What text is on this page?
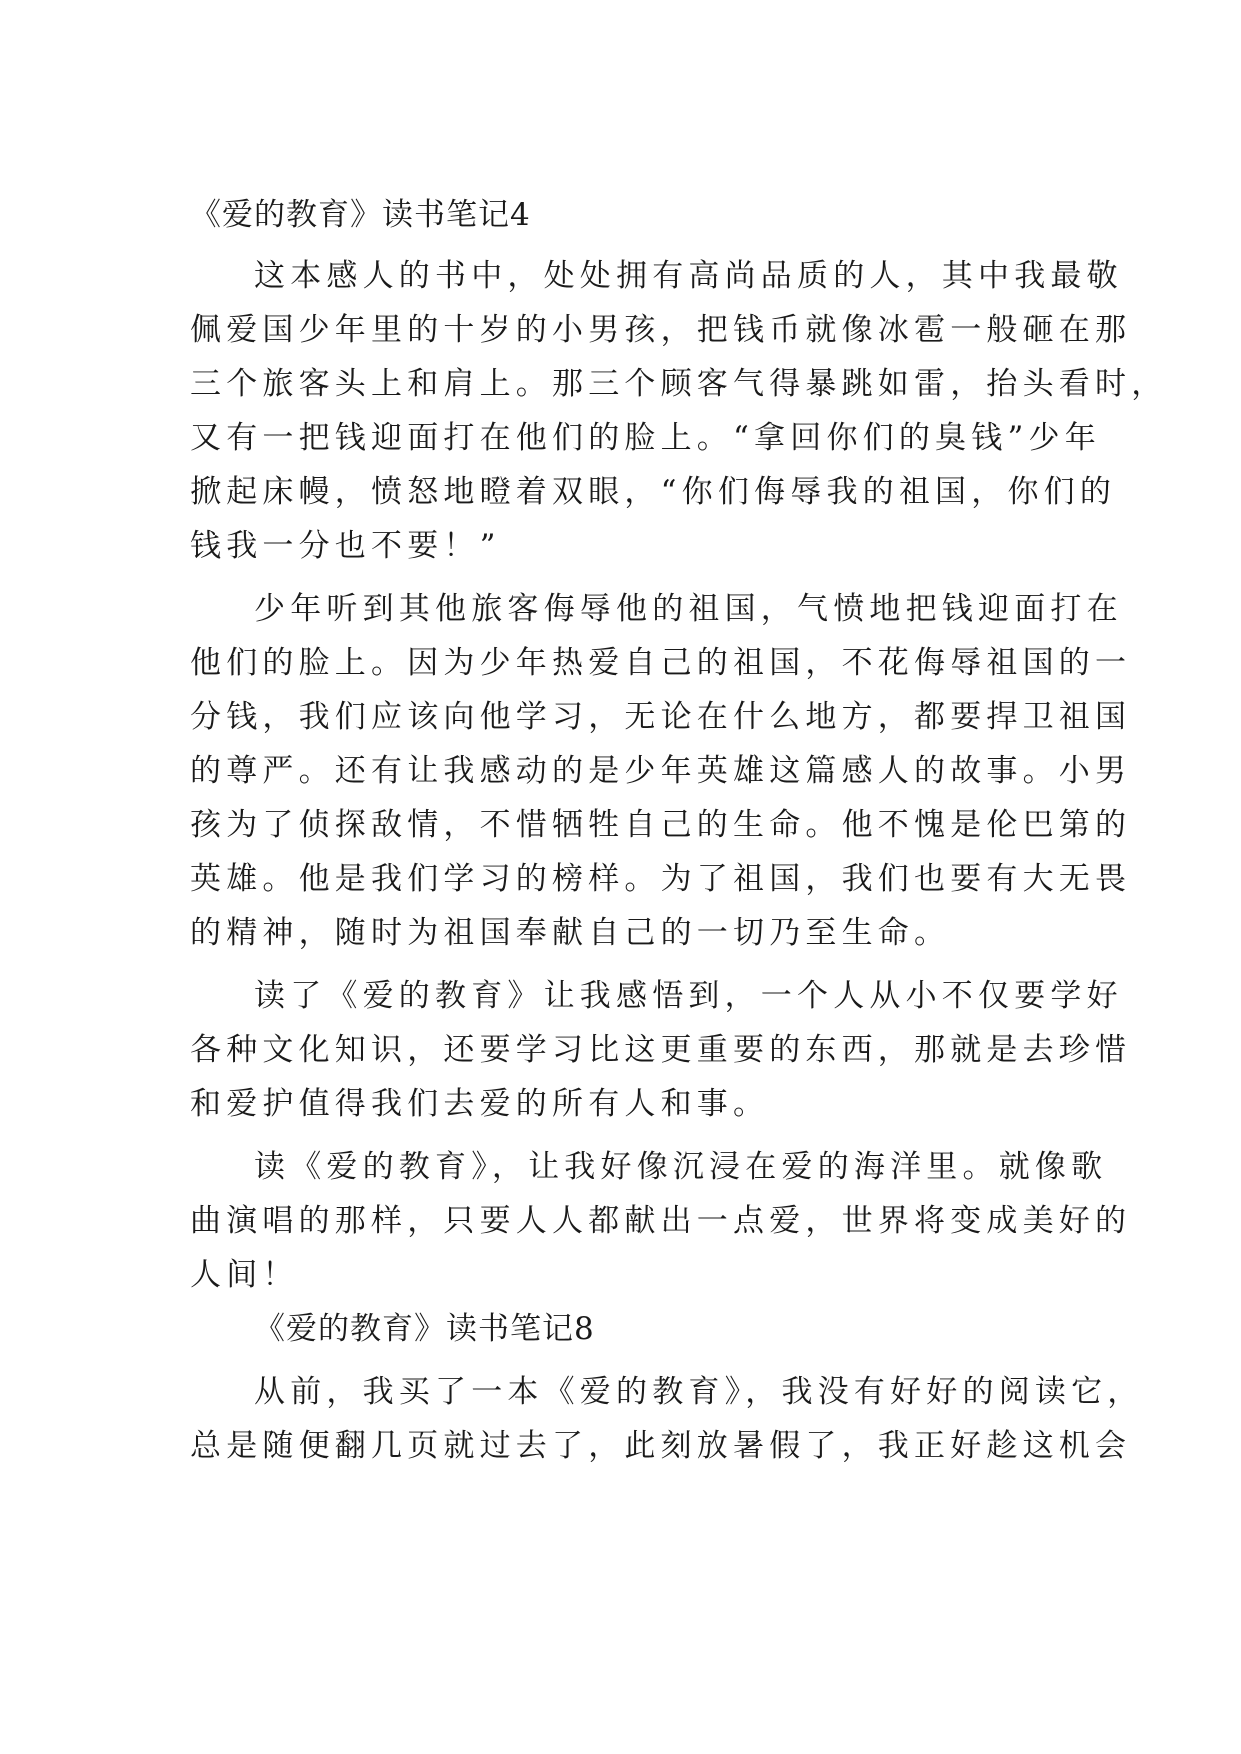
《爱的教育》读书笔记4
这本感人的书中，处处拥有高尚品质的人，其中我最敬
佩爱国少年里的十岁的小男孩，把钱币就像冰雹一般砸在那
三个旅客头上和肩上。那三个顾客气得暴跳如雷，抬头看时，
又有一把钱迎面打在他们的脸上。“拿回你们的臭钱”少年
掀起床幔，愤怒地瞪着双眼，“你们侮辱我的祖国，你们的
钱我一分也不要！”
少年听到其他旅客侮辱他的祖国，气愤地把钱迎面打在
他们的脸上。因为少年热爱自己的祖国，不花侮辱祖国的一
分钱，我们应该向他学习，无论在什么地方，都要捍卫祖国
的尊严。还有让我感动的是少年英雄这篇感人的故事。小男
孩为了侦探敌情，不惜牺牲自己的生命。他不愧是伦巴第的
英雄。他是我们学习的榜样。为了祖国，我们也要有大无畏
的精神，随时为祖国奉献自己的一切乃至生命。
读了《爱的教育》让我感悟到，一个人从小不仅要学好
各种文化知识，还要学习比这更重要的东西，那就是去珍惜
和爱护值得我们去爱的所有人和事。
读《爱的教育》，让我好像沉浸在爱的海洋里。就像歌
曲演唱的那样，只要人人都献出一点爱，世界将变成美好的
人间！
《爱的教育》读书笔记8
从前，我买了一本《爱的教育》，我没有好好的阅读它，
总是随便翻几页就过去了，此刻放暑假了，我正好趁这机会
